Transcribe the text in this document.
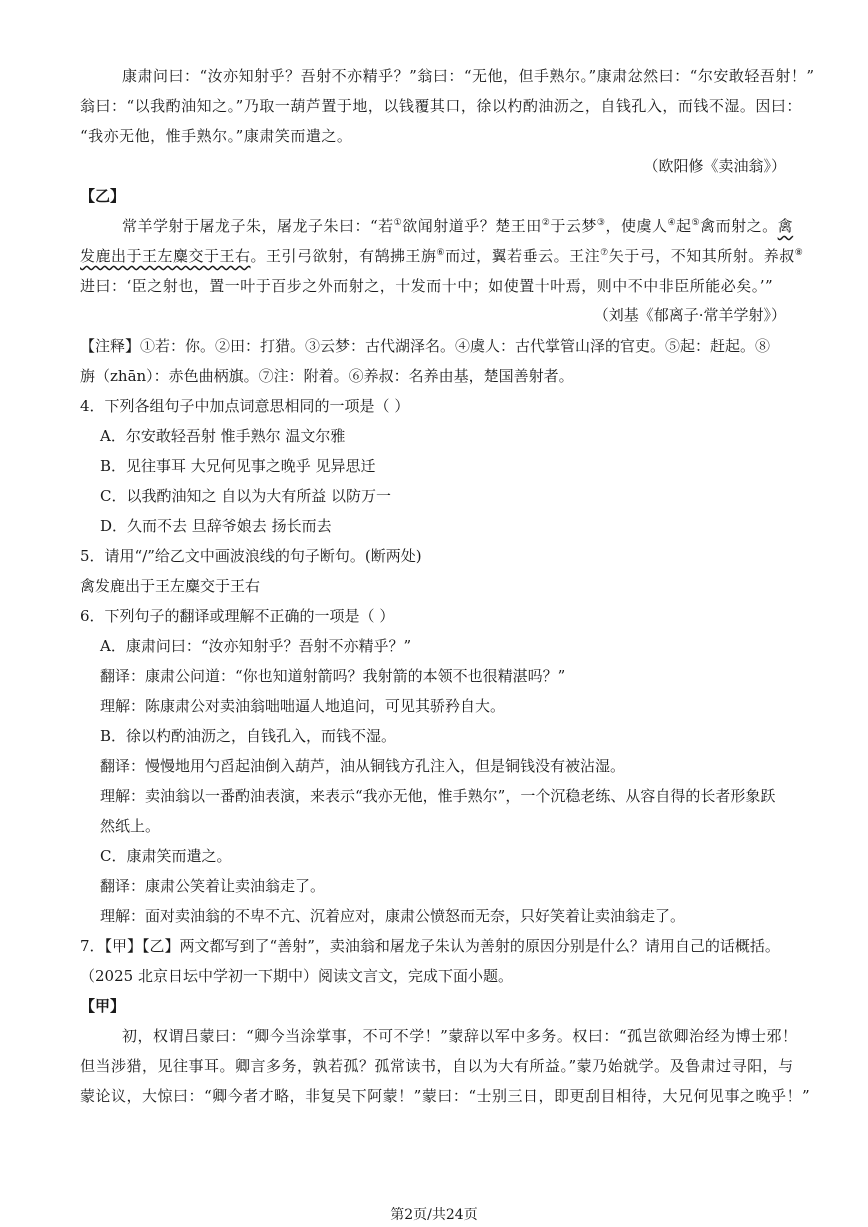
康肃问曰：“汝亦知射乎？吾射不亦精乎？”翁曰：“无他，但手熟尔。”康肃忿然曰：“尔安敢轻吾射！”
翁曰：“以我酌油知之。”乃取一葫芦置于地，以钱覆其口，徐以杓酌油沥之，自钱孔入，而钱不湿。因曰：
“我亦无他，惟手熟尔。”康肃笑而遣之。
（欧阳修《卖油翁》）
【乙】
常羊学射于屠龙子朱，屠龙子朱曰：“若①欲闻射道乎？楚王田②于云梦③，使虞人④起⑤禽而射之。禽
发鹿出于王左麋交于王右。王引弓欲射，有鹄拂王旃⑥而过，翼若垂云。王注⑦矢于弓，不知其所射。养叔⑧
进曰：‘臣之射也，置一叶于百步之外而射之，十发而十中；如使置十叶焉，则中不中非臣所能必矣。’”
（刘基《郁离子·常羊学射》）
【注释】①若：你。②田：打猎。③云梦：古代湖泽名。④虞人：古代掌管山泽的官吏。⑤起：赶起。⑧
旃（zhān）：赤色曲柄旗。⑦注：附着。⑥养叔：名养由基，楚国善射者。
4．下列各组句子中加点词意思相同的一项是（ ）
A．尔安敢轻吾射 惟手熟尔 温文尔雅
B．见往事耳 大兄何见事之晚乎 见异思迁
C．以我酌油知之 自以为大有所益 以防万一
D．久而不去 旦辞爷娘去 扬长而去
5．请用“/”给乙文中画波浪线的句子断句。(断两处)
禽发鹿出于王左麋交于王右
6．下列句子的翻译或理解不正确的一项是（ ）
A．康肃问曰：“汝亦知射乎？吾射不亦精乎？”
翻译：康肃公问道：“你也知道射箭吗？我射箭的本领不也很精湛吗？”
理解：陈康肃公对卖油翁咄咄逼人地追问，可见其骄矜自大。
B．徐以杓酌油沥之，自钱孔入，而钱不湿。
翻译：慢慢地用勺舀起油倒入葫芦，油从铜钱方孔注入，但是铜钱没有被沾湿。
理解：卖油翁以一番酌油表演，来表示“我亦无他，惟手熟尔”，一个沉稳老练、从容自得的长者形象跃
然纸上。
C．康肃笑而遣之。
翻译：康肃公笑着让卖油翁走了。
理解：面对卖油翁的不卑不亢、沉着应对，康肃公愤怒而无奈，只好笑着让卖油翁走了。
7．【甲】【乙】两文都写到了“善射”，卖油翁和屠龙子朱认为善射的原因分别是什么？请用自己的话概括。
（2025 北京日坛中学初一下期中）阅读文言文，完成下面小题。
【甲】
初，权谓吕蒙曰：“卿今当涂掌事，不可不学！”蒙辞以军中多务。权曰：“孤岂欲卿治经为博士邪！
但当涉猎，见往事耳。卿言多务，孰若孤？孤常读书，自以为大有所益。”蒙乃始就学。及鲁肃过寻阳，与
蒙论议，大惊曰：“卿今者才略，非复吴下阿蒙！”蒙曰：“士别三日，即更刮目相待，大兄何见事之晚乎！”
第2页/共24页
